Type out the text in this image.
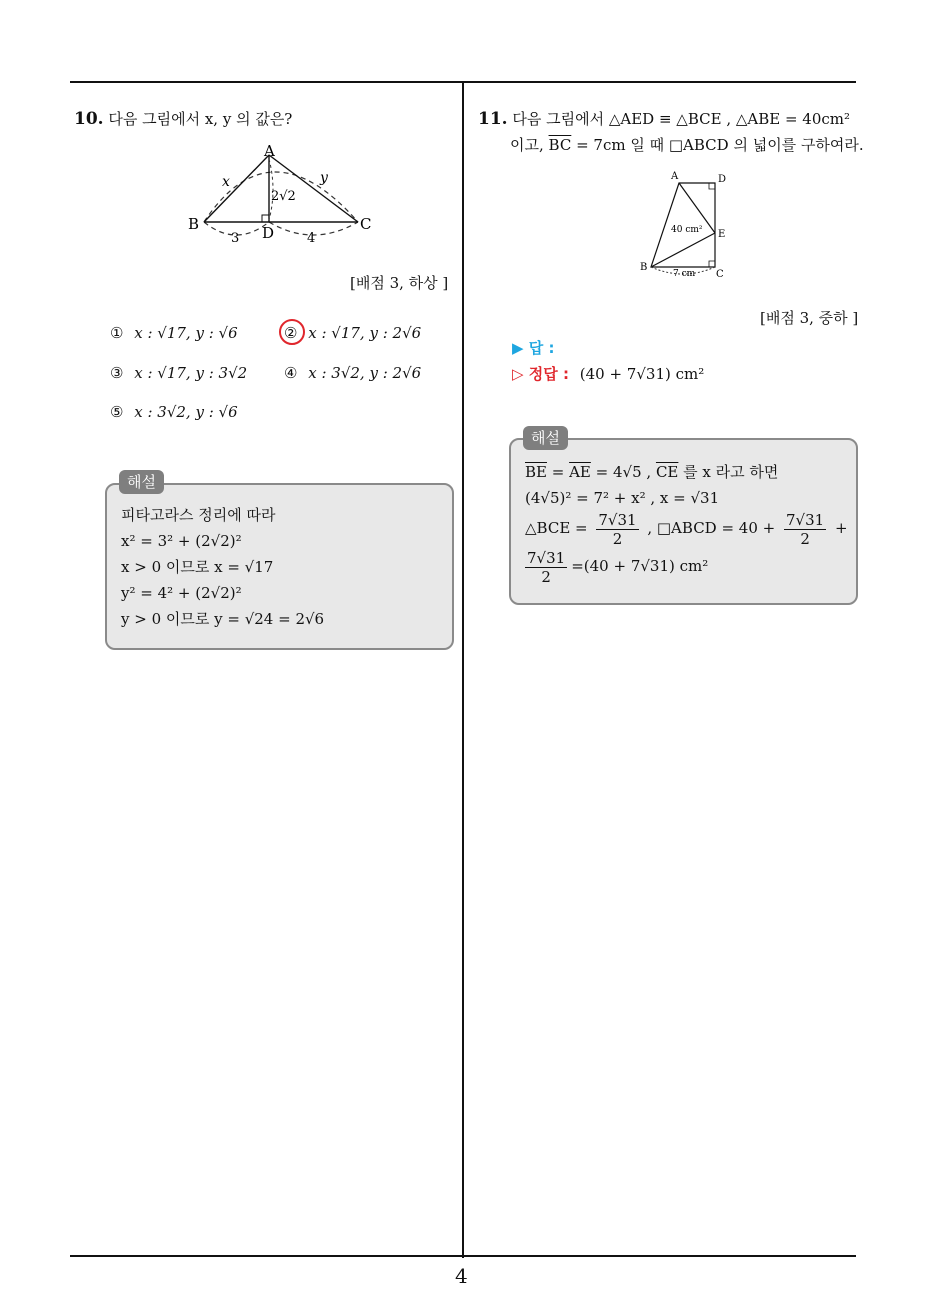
4
10. 다음 그림에서 x, y 의 값은?
A
B	C
D
x	y
2√2
3	4
[배점 3, 하상 ]
① x : √17, y : √6	② x : √17, y : 2√6
③ x : √17, y : 3√2 ④ x : 3√2, y : 2√6
⑤ x : 3√2, y : √6
피타고라스 정리에 따라
x² = 3² + (2√2)²
x > 0 이므로 x = √17
y² = 4² + (2√2)²
y > 0 이므로 y = √24 = 2√6
해설
11. 다음 그림에서 △AED ≡ △BCE , △ABE = 40cm²
이고, $\overline{BC} = 7cm$ 일 때 □ABCD 의 넓이를 구하여라.
A	D
E
B
C
40 cm²
7 cm
[배점 3, 중하 ]
▶ 답 :
▷ 정답 : (40 + 7√31) cm²
$\overline{BE} = \overline{AE} = 4√5$ , $\overline{CE}$ 를 x 라고 하면
(4√5)² = 7² + x² , x = √31
△BCE = $\frac{7√31}{2}$ , □ABCD = $40 + \frac{7√31}{2}$ +
$\frac{7√31}{2} =(40 + 7√31)$ cm²
해설
